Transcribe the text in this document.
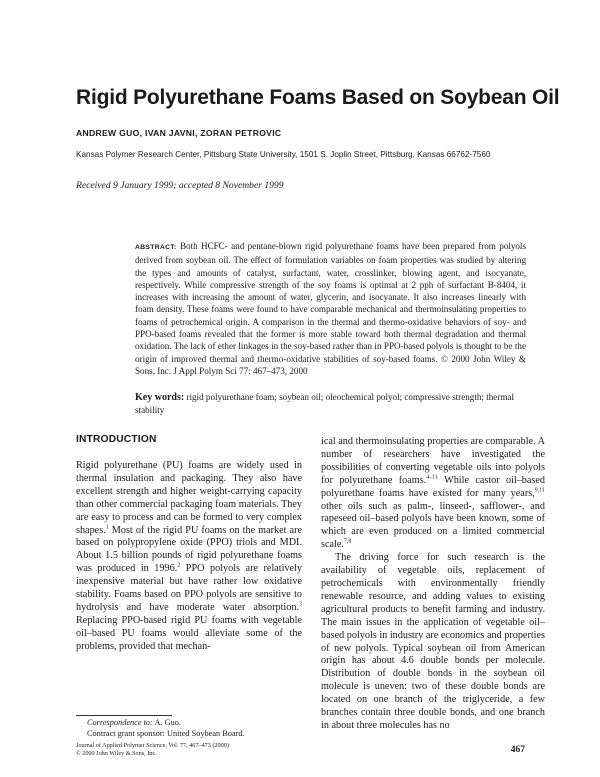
Rigid Polyurethane Foams Based on Soybean Oil
ANDREW GUO, IVAN JAVNI, ZORAN PETROVIC
Kansas Polymer Research Center, Pittsburg State University, 1501 S. Joplin Street, Pittsburg, Kansas 66762-7560
Received 9 January 1999; accepted 8 November 1999
ABSTRACT: Both HCFC- and pentane-blown rigid polyurethane foams have been prepared from polyols derived from soybean oil. The effect of formulation variables on foam properties was studied by altering the types and amounts of catalyst, surfactant, water, crosslinker, blowing agent, and isocyanate, respectively. While compressive strength of the soy foams is optimal at 2 pph of surfactant B-8404, it increases with increasing the amount of water, glycerin, and isocyanate. It also increases linearly with foam density. These foams were found to have comparable mechanical and thermoinsulating properties to foams of petrochemical origin. A comparison in the thermal and thermo-oxidative behaviors of soy- and PPO-based foams revealed that the former is more stable toward both thermal degradation and thermal oxidation. The lack of ether linkages in the soy-based rather than in PPO-based polyols is thought to be the origin of improved thermal and thermo-oxidative stabilities of soy-based foams. © 2000 John Wiley & Sons, Inc. J Appl Polym Sci 77: 467–473, 2000
Key words: rigid polyurethane foam; soybean oil; oleochemical polyol; compressive strength; thermal stability
INTRODUCTION

Rigid polyurethane (PU) foams are widely used in thermal insulation and packaging. They also have excellent strength and higher weight-carrying capacity than other commercial packaging foam materials. They are easy to process and can be formed to very complex shapes.$^1$ Most of the rigid PU foams on the market are based on polypropylene oxide (PPO) triols and MDI. About 1.5 billion pounds of rigid polyurethane foams was produced in 1996.$^2$ PPO polyols are relatively inexpensive material but have rather low oxidative stability. Foams based on PPO polyols are sensitive to hydrolysis and have moderate water absorption.$^3$ Replacing PPO-based rigid PU foams with vegetable oil–based PU foams would alleviate some of the problems, provided that mechan-

ical and thermoinsulating properties are comparable. A number of researchers have investigated the possibilities of converting vegetable oils into polyols for polyurethane foams.$^{4-11}$ While castor oil–based polyurethane foams have existed for many years,$^{9,11}$ other oils such as palm-, linseed-, safflower-, and rapeseed oil–based polyols have been known, some of which are even produced on a limited commercial scale.$^{7,8}$

The driving force for such research is the availability of vegetable oils, replacement of petrochemicals with environmentally friendly renewable resource, and adding values to existing agricultural products to benefit farming and industry. The main issues in the application of vegetable oil–based polyols in industry are economics and properties of new polyols. Typical soybean oil from American origin has about 4.6 double bonds per molecule. Distribution of double bonds in the soybean oil molecule is uneven: two of these double bonds are located on one branch of the triglyceride, a few branches contain three double bonds, and one branch in about three molecules has no

Correspondence to: A. Guo.
Contract grant sponsor: United Soybean Board.
Journal of Applied Polymer Science, Vol. 77, 467–473 (2000)
© 2000 John Wiley & Sons, Inc.	467
